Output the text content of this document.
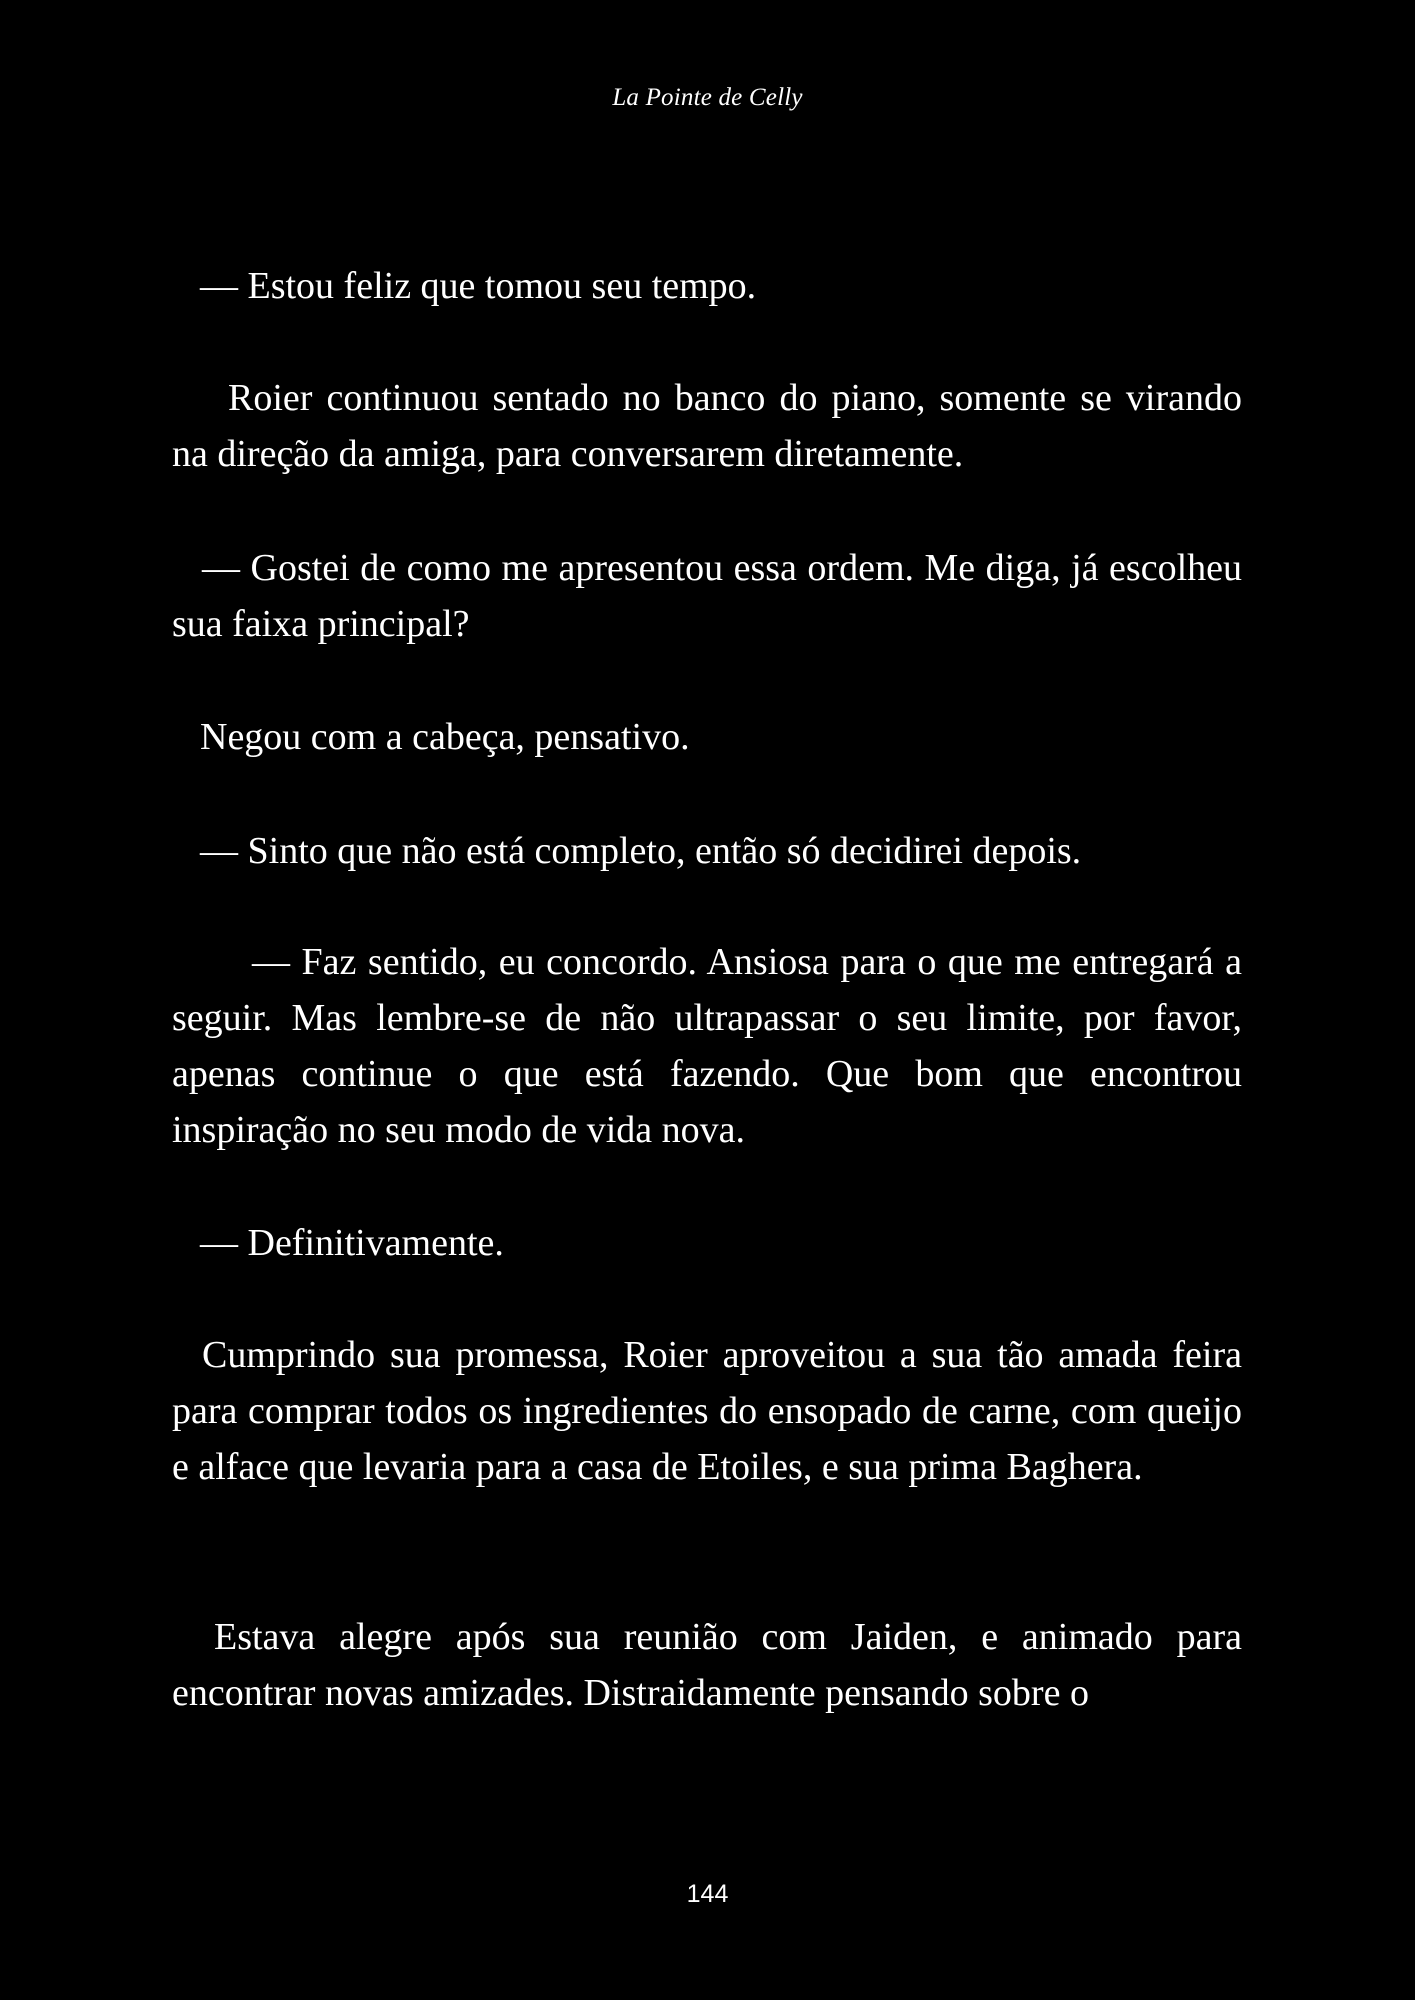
La Pointe de Celly

— Estou feliz que tomou seu tempo.

Roier continuou sentado no banco do piano, somente se virando na direção da amiga, para conversarem diretamente.

— Gostei de como me apresentou essa ordem. Me diga, já escolheu sua faixa principal?

Negou com a cabeça, pensativo.

— Sinto que não está completo, então só decidirei depois.

— Faz sentido, eu concordo. Ansiosa para o que me entregará a seguir. Mas lembre-se de não ultrapassar o seu limite, por favor, apenas continue o que está fazendo. Que bom que encontrou inspiração no seu modo de vida nova.

— Definitivamente.

Cumprindo sua promessa, Roier aproveitou a sua tão amada feira para comprar todos os ingredientes do ensopado de carne, com queijo e alface que levaria para a casa de Etoiles, e sua prima Baghera.

Estava alegre após sua reunião com Jaiden, e animado para encontrar novas amizades. Distraidamente pensando sobre o

144
